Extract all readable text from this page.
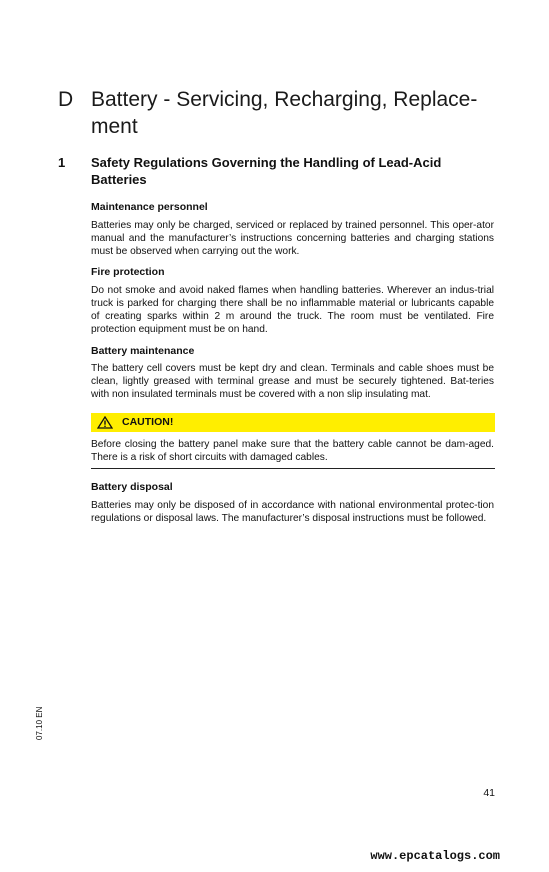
D Battery - Servicing, Recharging, Replace-ment
1 Safety Regulations Governing the Handling of Lead-Acid Batteries
Maintenance personnel
Batteries may only be charged, serviced or replaced by trained personnel. This oper-ator manual and the manufacturer’s instructions concerning batteries and charging stations must be observed when carrying out the work.
Fire protection
Do not smoke and avoid naked flames when handling batteries. Wherever an indus-trial truck is parked for charging there shall be no inflammable material or lubricants capable of creating sparks within 2 m around the truck. The room must be ventilated. Fire protection equipment must be on hand.
Battery maintenance
The battery cell covers must be kept dry and clean. Terminals and cable shoes must be clean, lightly greased with terminal grease and must be securely tightened. Bat-teries with non insulated terminals must be covered with a non slip insulating mat.
CAUTION!
Before closing the battery panel make sure that the battery cable cannot be dam-aged. There is a risk of short circuits with damaged cables.
Battery disposal
Batteries may only be disposed of in accordance with national environmental protec-tion regulations or disposal laws. The manufacturer’s disposal instructions must be followed.
07.10 EN
41
www.epcatalogs.com
